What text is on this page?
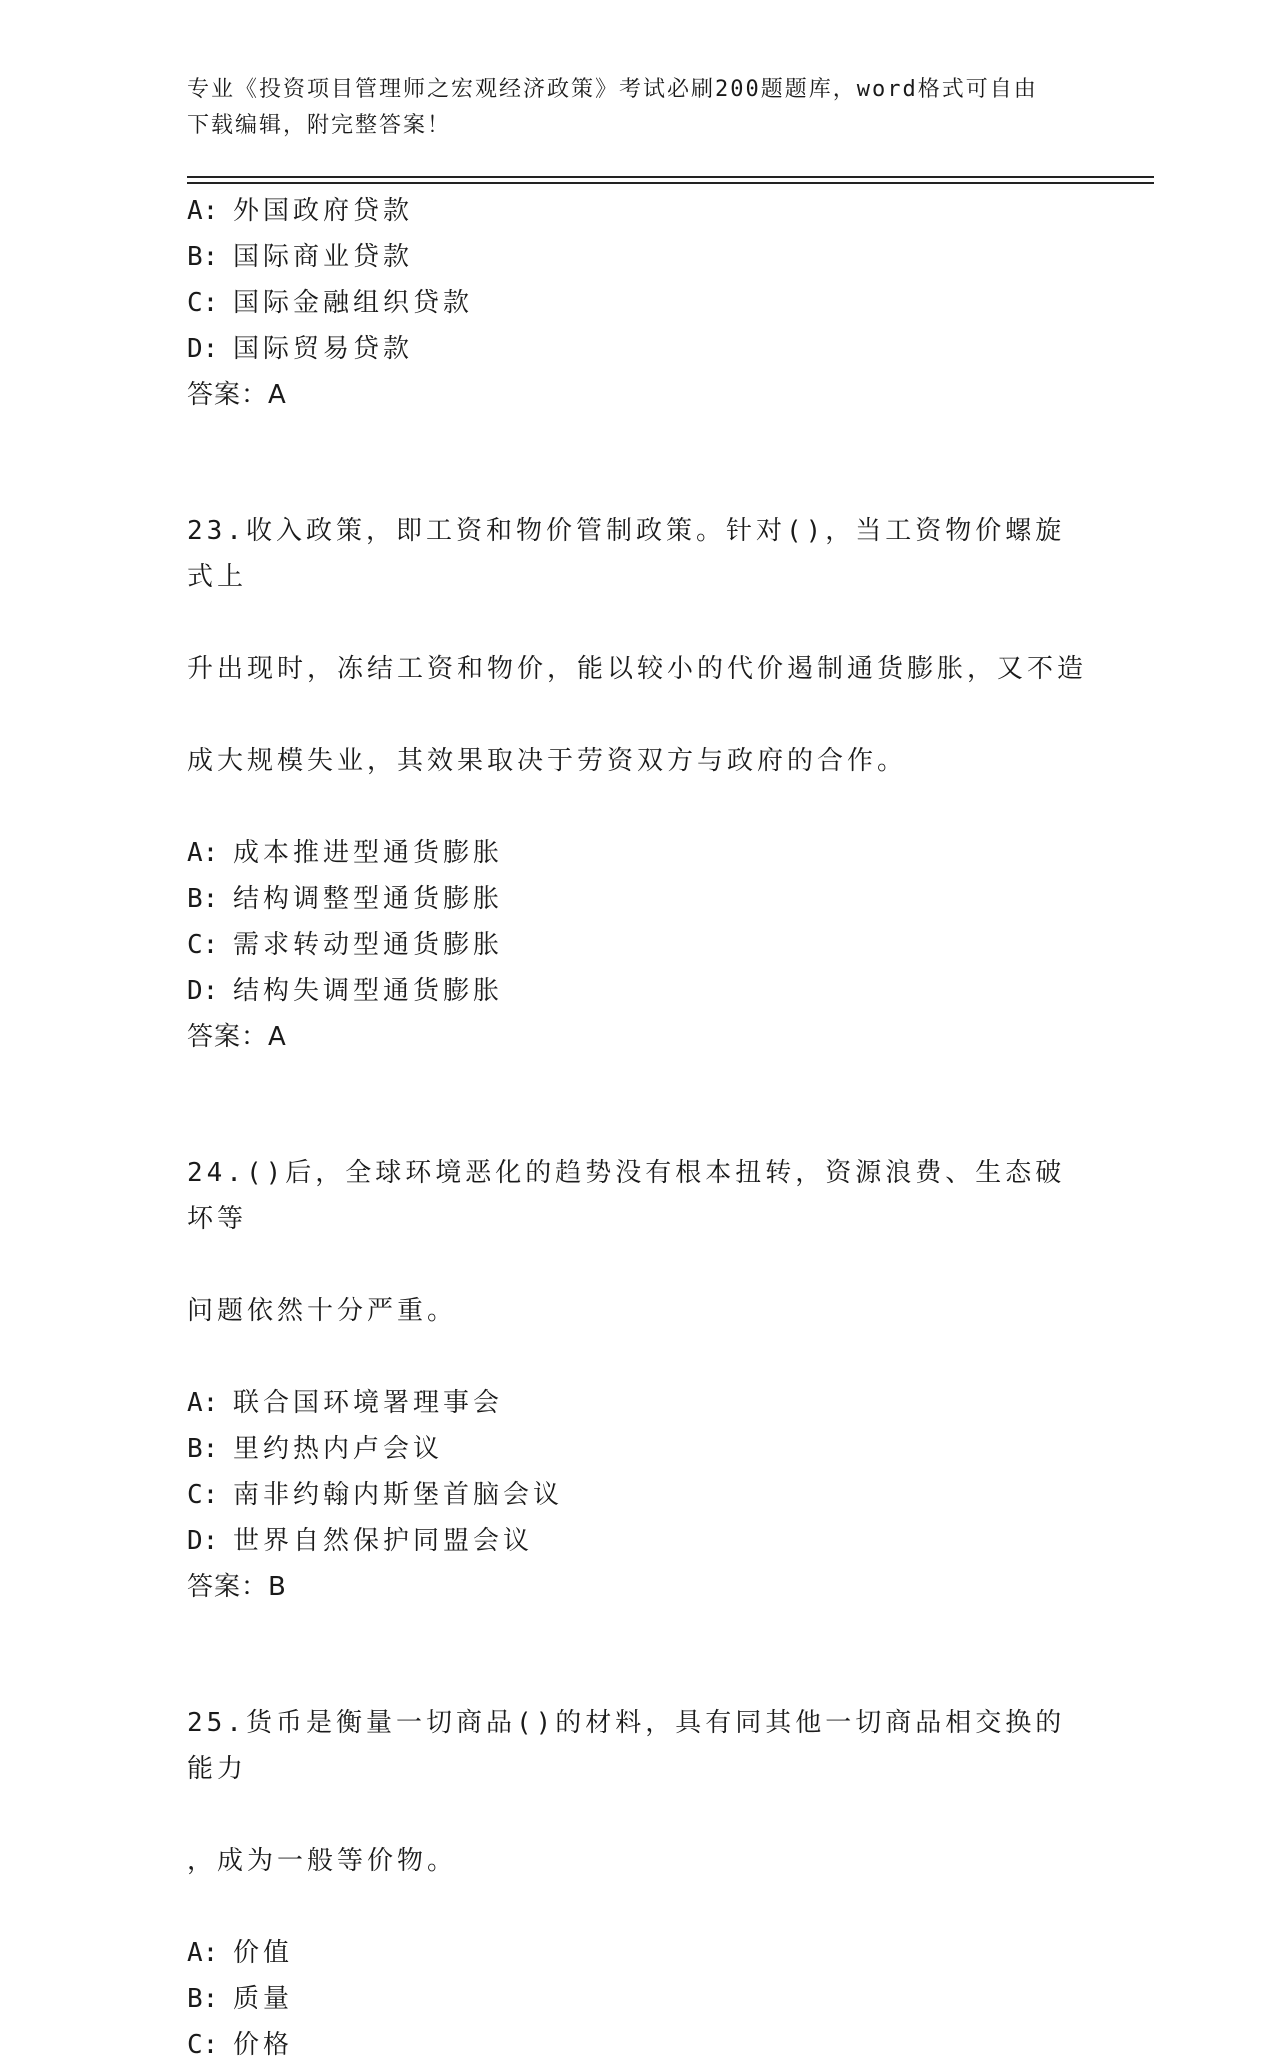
专业《投资项目管理师之宏观经济政策》考试必刷200题题库，word格式可自由
下载编辑，附完整答案！
A: 外国政府贷款
B: 国际商业贷款
C: 国际金融组织贷款
D: 国际贸易贷款
答案：A

23.收入政策，即工资和物价管制政策。针对()，当工资物价螺旋式上

升出现时，冻结工资和物价，能以较小的代价遏制通货膨胀，又不造

成大规模失业，其效果取决于劳资双方与政府的合作。

A: 成本推进型通货膨胀
B: 结构调整型通货膨胀
C: 需求转动型通货膨胀
D: 结构失调型通货膨胀
答案：A

24.()后，全球环境恶化的趋势没有根本扭转，资源浪费、生态破坏等

问题依然十分严重。

A: 联合国环境署理事会
B: 里约热内卢会议
C: 南非约翰内斯堡首脑会议
D: 世界自然保护同盟会议
答案：B

25.货币是衡量一切商品()的材料，具有同其他一切商品相交换的能力

，成为一般等价物。

A: 价值
B: 质量
C: 价格
